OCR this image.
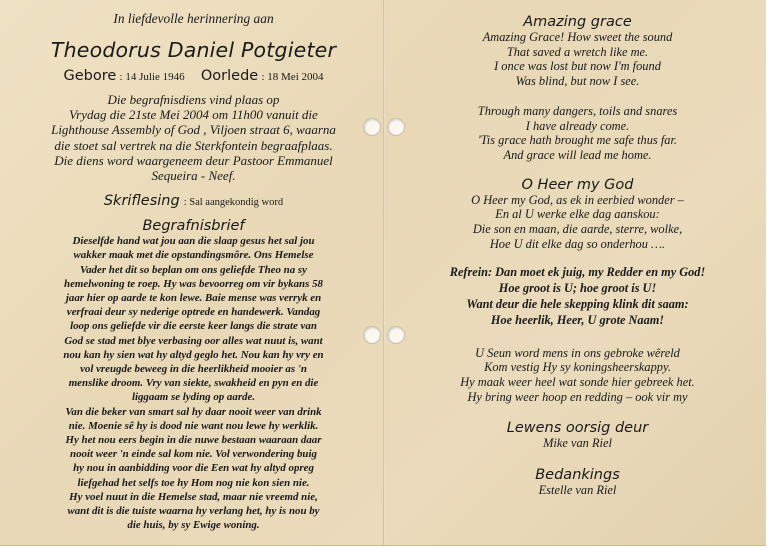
In liefdevolle herinnering aan
Theodorus Daniel Potgieter
Gebore : 14 Julie 1946 Oorlede : 18 Mei 2004
Die begrafnisdiens vind plaas op
Vrydag die 21ste Mei 2004 om 11h00 vanuit die
Lighthouse Assembly of God , Viljoen straat 6, waarna
die stoet sal vertrek na die Sterkfontein begraafplaas.
Die diens word waargeneem deur Pastoor Emmanuel
Sequeira - Neef.
Skriflesing : Sal aangekondig word
Begrafnisbrief
Dieselfde hand wat jou aan die slaap gesus het sal jou
wakker maak met die opstandingsmôre. Ons Hemelse
Vader het dit so beplan om ons geliefde Theo na sy
hemelwoning te roep. Hy was bevoorreg om vir bykans 58
jaar hier op aarde te kon lewe. Baie mense was verryk en
verfraai deur sy nederige optrede en handewerk. Vandag
loop ons geliefde vir die eerste keer langs die strate van
God se stad met blye verbasing oor alles wat nuut is, want
nou kan hy sien wat hy altyd geglo het. Nou kan hy vry en
vol vreugde beweeg in die heerlikheid mooier as 'n
menslike droom. Vry van siekte, swakheid en pyn en die
liggaam se lyding op aarde.
Van die beker van smart sal hy daar nooit weer van drink
nie. Moenie sê hy is dood nie want nou lewe hy werklik.
Hy het nou eers begin in die nuwe bestaan waaraan daar
nooit weer 'n einde sal kom nie. Vol verwondering buig
hy nou in aanbidding voor die Een wat hy altyd opreg
liefgehad het selfs toe hy Hom nog nie kon sien nie.
Hy voel nuut in die Hemelse stad, maar nie vreemd nie,
want dit is die tuiste waarna hy verlang het, hy is nou by
die huis, by sy Ewige woning.
Amazing grace
Amazing Grace! How sweet the sound
That saved a wretch like me.
I once was lost but now I'm found
Was blind, but now I see.
Through many dangers, toils and snares
I have already come.
'Tis grace hath brought me safe thus far.
And grace will lead me home.
O Heer my God
O Heer my God, as ek in eerbied wonder –
En al U werke elke dag aanskou:
Die son en maan, die aarde, sterre, wolke,
Hoe U dit elke dag so onderhou ….
Refrein: Dan moet ek juig, my Redder en my God!
Hoe groot is U; hoe groot is U!
Want deur die hele skepping klink dit saam:
Hoe heerlik, Heer, U grote Naam!
U Seun word mens in ons gebroke wêreld
Kom vestig Hy sy koningsheerskappy.
Hy maak weer heel wat sonde hier gebreek het.
Hy bring weer hoop en redding – ook vir my
Lewens oorsig deur
Mike van Riel
Bedankings
Estelle van Riel
